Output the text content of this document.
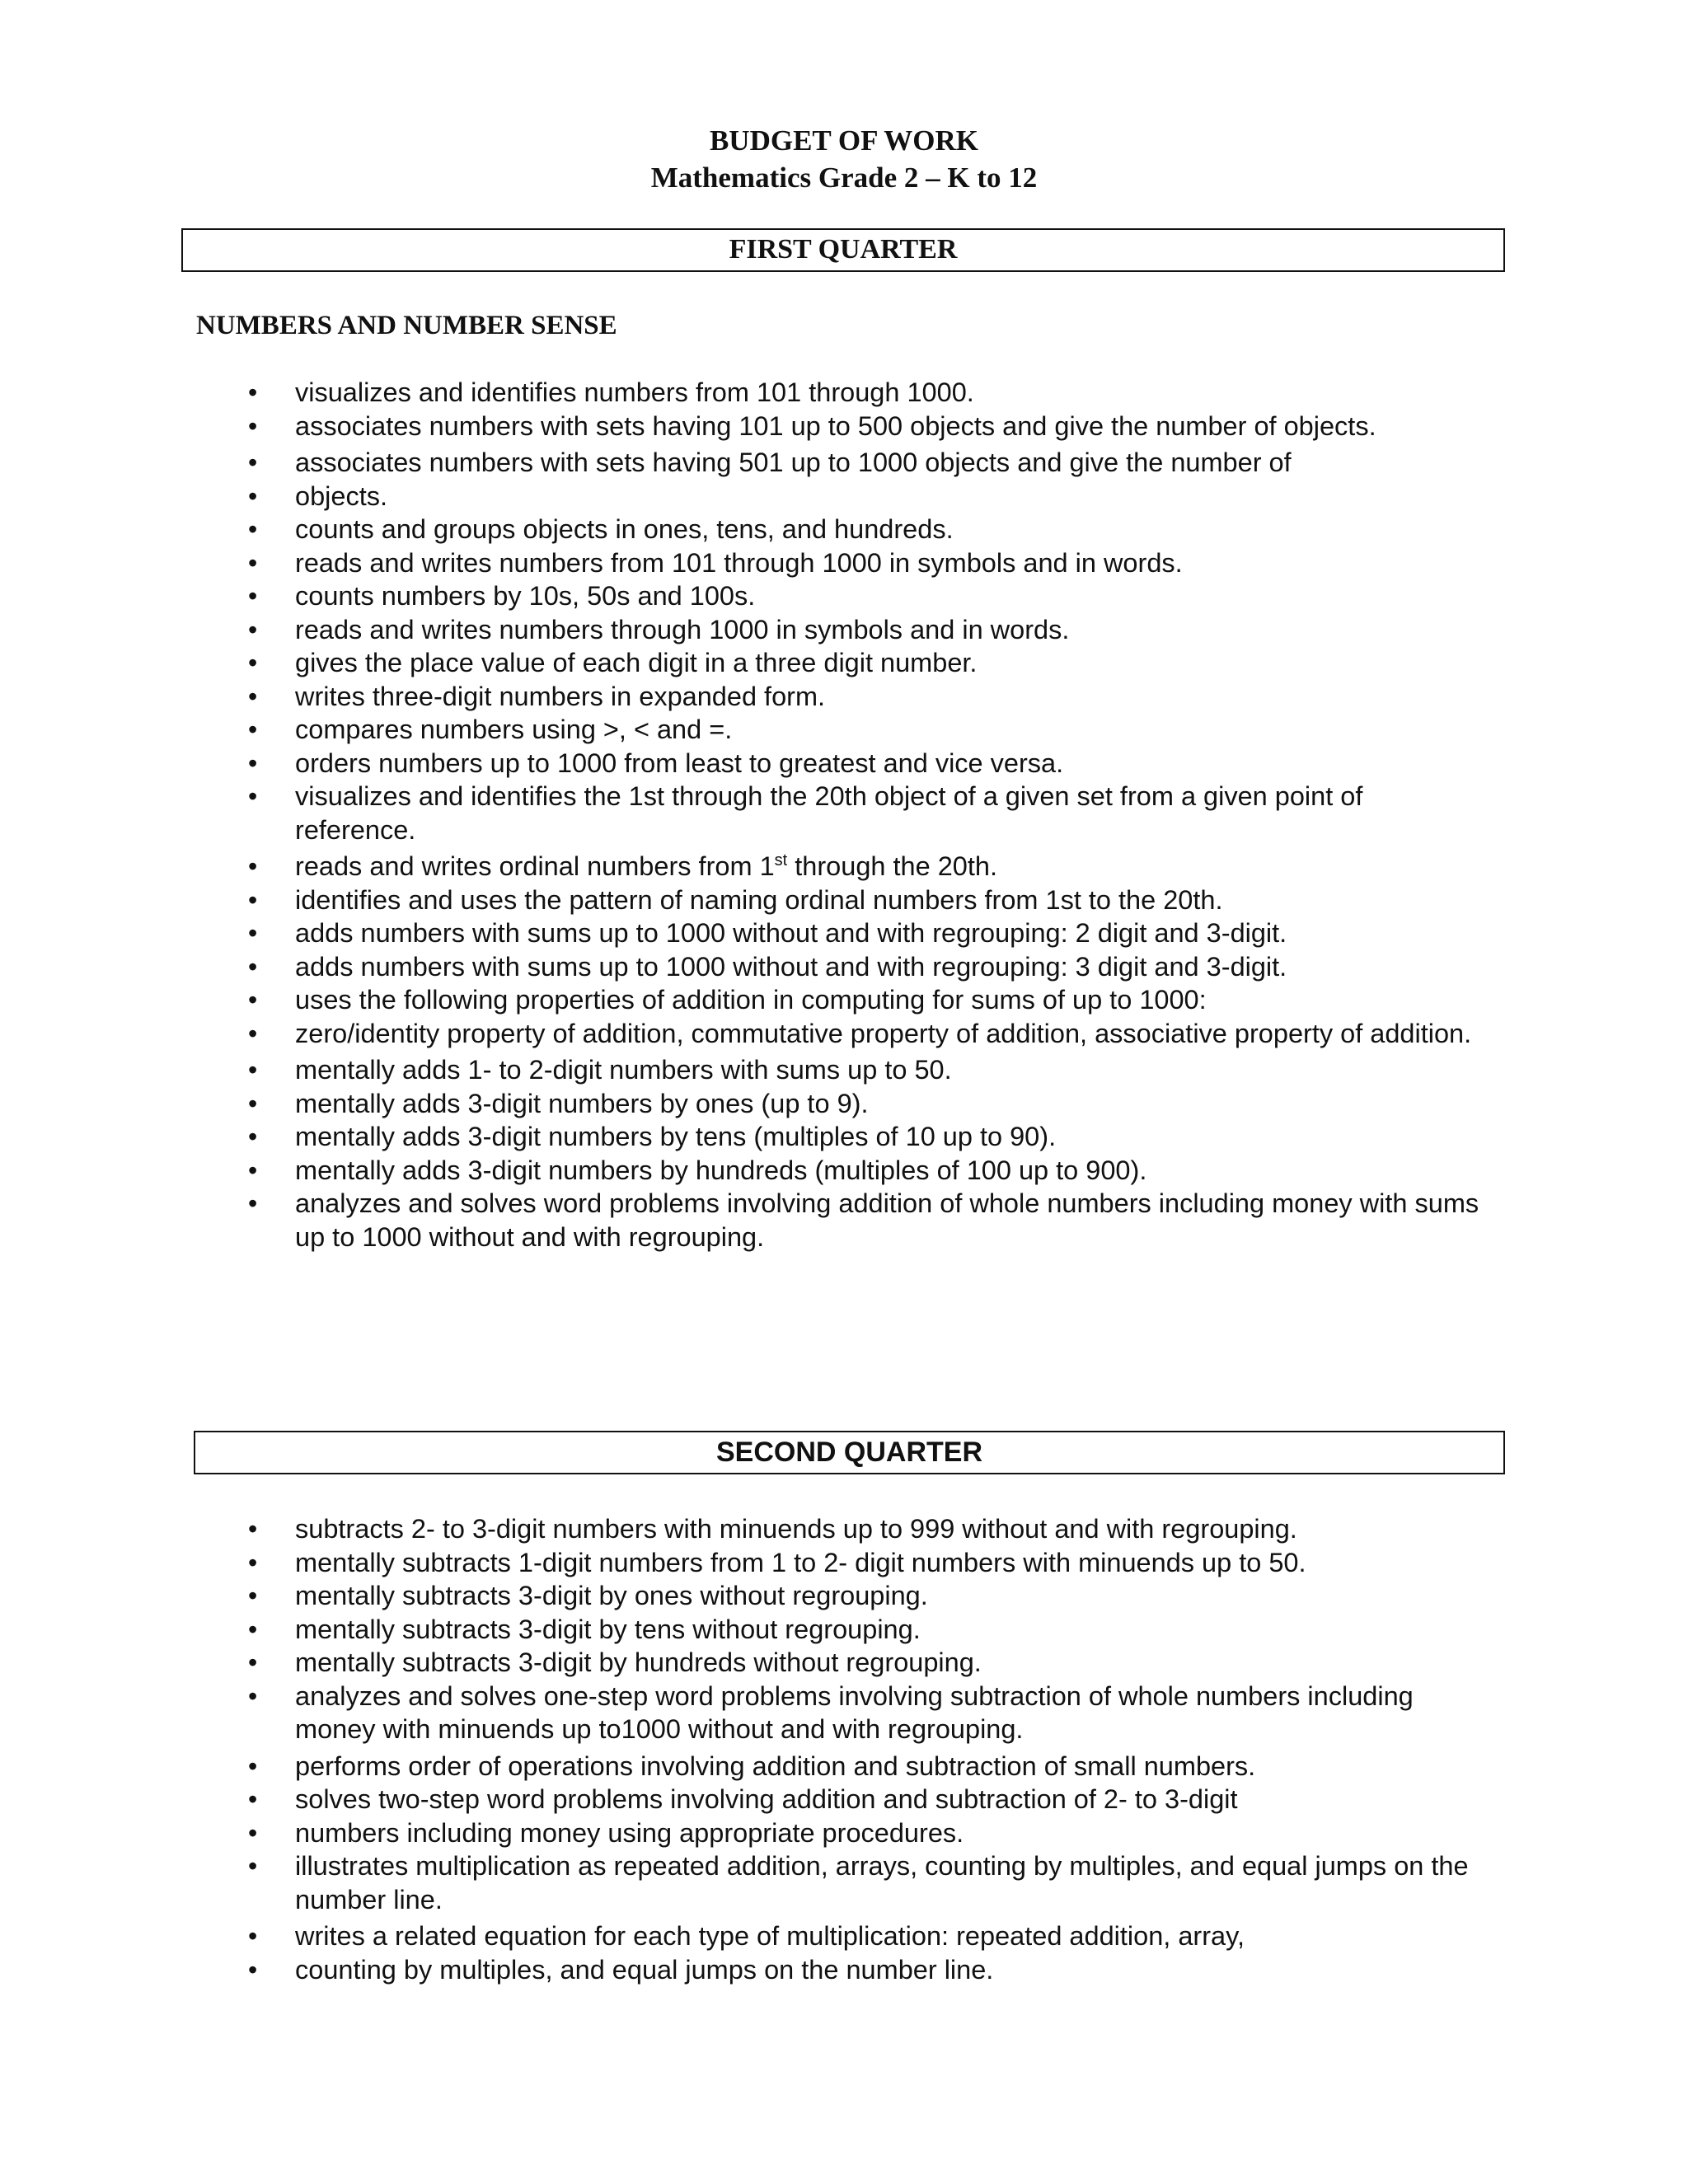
BUDGET OF WORK
Mathematics Grade 2 – K to 12
FIRST QUARTER
NUMBERS AND NUMBER SENSE
• visualizes and identifies numbers from 101 through 1000.
• associates numbers with sets having 101 up to 500 objects and give the number of objects.
• associates numbers with sets having 501 up to 1000 objects and give the number of
• objects.
• counts and groups objects in ones, tens, and hundreds.
• reads and writes numbers from 101 through 1000 in symbols and in words.
• counts numbers by 10s, 50s and 100s.
• reads and writes numbers through 1000 in symbols and in words.
• gives the place value of each digit in a three digit number.
• writes three-digit numbers in expanded form.
• compares numbers using >, < and =.
• orders numbers up to 1000 from least to greatest and vice versa.
• visualizes and identifies the 1st through the 20th object of a given set from a given point of reference.
• reads and writes ordinal numbers from 1st through the 20th.
• identifies and uses the pattern of naming ordinal numbers from 1st to the 20th.
• adds numbers with sums up to 1000 without and with regrouping: 2 digit and 3-digit.
• adds numbers with sums up to 1000 without and with regrouping: 3 digit and 3-digit.
• uses the following properties of addition in computing for sums of up to 1000:
• zero/identity property of addition, commutative property of addition, associative property of addition.
• mentally adds 1- to 2-digit numbers with sums up to 50.
• mentally adds 3-digit numbers by ones (up to 9).
• mentally adds 3-digit numbers by tens (multiples of 10 up to 90).
• mentally adds 3-digit numbers by hundreds (multiples of 100 up to 900).
• analyzes and solves word problems involving addition of whole numbers including money with sums up to 1000 without and with regrouping.
SECOND QUARTER
• subtracts 2- to 3-digit numbers with minuends up to 999 without and with regrouping.
• mentally subtracts 1-digit numbers from 1 to 2- digit numbers with minuends up to 50.
• mentally subtracts 3-digit by ones without regrouping.
• mentally subtracts 3-digit by tens without regrouping.
• mentally subtracts 3-digit by hundreds without regrouping.
• analyzes and solves one-step word problems involving subtraction of whole numbers including money with minuends up to1000 without and with regrouping.
• performs order of operations involving addition and subtraction of small numbers.
• solves two-step word problems involving addition and subtraction of 2- to 3-digit
• numbers including money using appropriate procedures.
• illustrates multiplication as repeated addition, arrays, counting by multiples, and equal jumps on the number line.
• writes a related equation for each type of multiplication: repeated addition, array,
• counting by multiples, and equal jumps on the number line.
